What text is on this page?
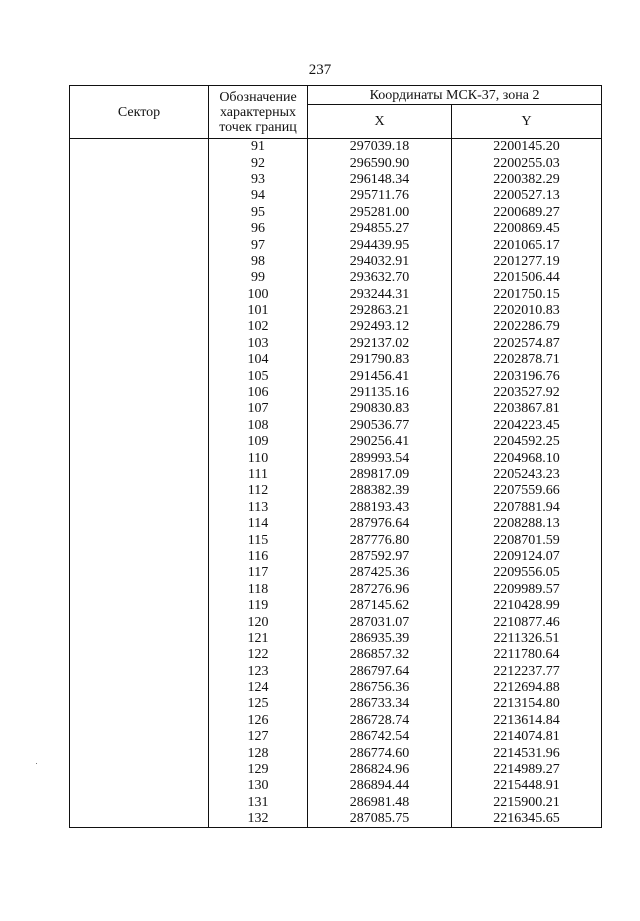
237
Сектор	Обозначение характерных точек границ	Координаты МСК-37, зона 2	
		X	Y
	91	297039.18	2200145.20
	92	296590.90	2200255.03
	93	296148.34	2200382.29
	94	295711.76	2200527.13
	95	295281.00	2200689.27
	96	294855.27	2200869.45
	97	294439.95	2201065.17
	98	294032.91	2201277.19
	99	293632.70	2201506.44
	100	293244.31	2201750.15
	101	292863.21	2202010.83
	102	292493.12	2202286.79
	103	292137.02	2202574.87
	104	291790.83	2202878.71
	105	291456.41	2203196.76
	106	291135.16	2203527.92
	107	290830.83	2203867.81
	108	290536.77	2204223.45
	109	290256.41	2204592.25
	110	289993.54	2204968.10
	111	289817.09	2205243.23
	112	288382.39	2207559.66
	113	288193.43	2207881.94
	114	287976.64	2208288.13
	115	287776.80	2208701.59
	116	287592.97	2209124.07
	117	287425.36	2209556.05
	118	287276.96	2209989.57
	119	287145.62	2210428.99
	120	287031.07	2210877.46
	121	286935.39	2211326.51
	122	286857.32	2211780.64
	123	286797.64	2212237.77
	124	286756.36	2212694.88
	125	286733.34	2213154.80
	126	286728.74	2213614.84
	127	286742.54	2214074.81
	128	286774.60	2214531.96
	129	286824.96	2214989.27
	130	286894.44	2215448.91
	131	286981.48	2215900.21
	132	287085.75	2216345.65
